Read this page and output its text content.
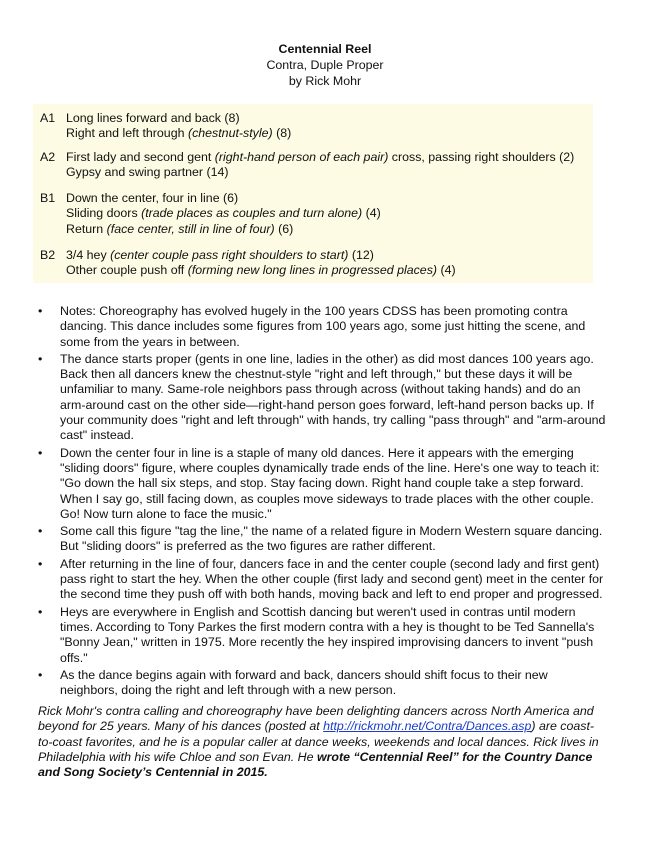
Centennial Reel
Contra, Duple Proper
by Rick Mohr
A1 Long lines forward and back (8)
Right and left through (chestnut-style) (8)
A2 First lady and second gent (right-hand person of each pair) cross, passing right shoulders (2)
Gypsy and swing partner (14)
B1 Down the center, four in line (6)
Sliding doors (trade places as couples and turn alone) (4)
Return (face center, still in line of four) (6)
B2 3/4 hey (center couple pass right shoulders to start) (12)
Other couple push off (forming new long lines in progressed places) (4)
•	Notes: Choreography has evolved hugely in the 100 years CDSS has been promoting contra dancing. This dance includes some figures from 100 years ago, some just hitting the scene, and some from the years in between.
•	The dance starts proper (gents in one line, ladies in the other) as did most dances 100 years ago. Back then all dancers knew the chestnut-style "right and left through," but these days it will be unfamiliar to many. Same-role neighbors pass through across (without taking hands) and do an arm-around cast on the other side—right-hand person goes forward, left-hand person backs up. If your community does "right and left through" with hands, try calling "pass through" and "arm-around cast" instead.
•	Down the center four in line is a staple of many old dances. Here it appears with the emerging "sliding doors" figure, where couples dynamically trade ends of the line. Here's one way to teach it: "Go down the hall six steps, and stop. Stay facing down. Right hand couple take a step forward. When I say go, still facing down, as couples move sideways to trade places with the other couple. Go! Now turn alone to face the music."
•	Some call this figure "tag the line," the name of a related figure in Modern Western square dancing. But "sliding doors" is preferred as the two figures are rather different.
•	After returning in the line of four, dancers face in and the center couple (second lady and first gent) pass right to start the hey. When the other couple (first lady and second gent) meet in the center for the second time they push off with both hands, moving back and left to end proper and progressed.
•	Heys are everywhere in English and Scottish dancing but weren't used in contras until modern times. According to Tony Parkes the first modern contra with a hey is thought to be Ted Sannella's "Bonny Jean," written in 1975. More recently the hey inspired improvising dancers to invent "push offs."
•	As the dance begins again with forward and back, dancers should shift focus to their new neighbors, doing the right and left through with a new person.
Rick Mohr's contra calling and choreography have been delighting dancers across North America and beyond for 25 years. Many of his dances (posted at http://rickmohr.net/Contra/Dances.asp) are coast-to-coast favorites, and he is a popular caller at dance weeks, weekends and local dances. Rick lives in Philadelphia with his wife Chloe and son Evan. He wrote “Centennial Reel” for the Country Dance and Song Society’s Centennial in 2015.
